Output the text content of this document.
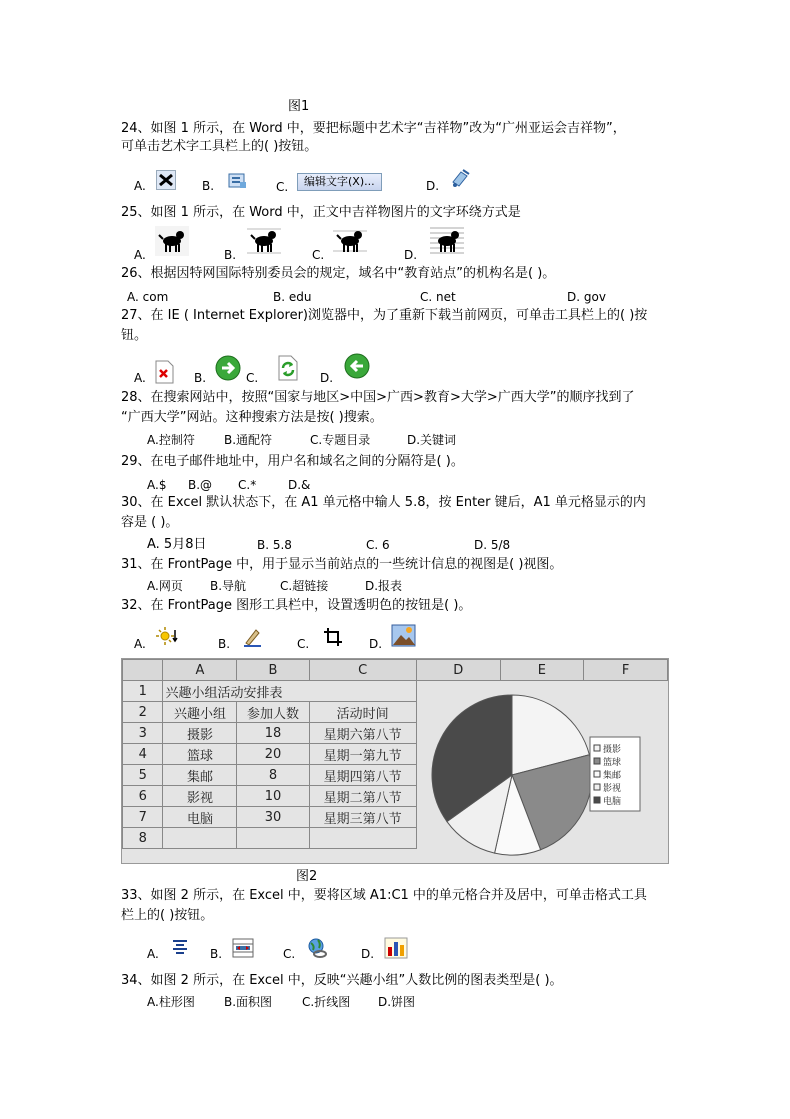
图1
24、如图 1 所示，在 Word 中，要把标题中艺术字“吉祥物”改为“广州亚运会吉祥物”，
可单击艺术字工具栏上的( )按钮。
A.	B.	C.	编辑文字(X)...	D.
25、如图 1 所示，在 Word 中，正文中吉祥物图片的文字环绕方式是
A.	B.	C.	D.
26、根据因特网国际特别委员会的规定，域名中“教育站点”的机构名是( )。
A. com	B. edu	C. net	D. gov
27、在 IE ( Internet Explorer)浏览器中，为了重新下载当前网页，可单击工具栏上的( )按
钮。
A.	B.	C.	D.
28、在搜索网站中，按照“国家与地区>中国>广西>教育>大学>广西大学”的顺序找到了
“广西大学”网站。这种搜索方法是按( )搜索。
A.控制符 B.通配符	C.专题目录	D.关键词
29、在电子邮件地址中，用户名和域名之间的分隔符是( )。
A.$ B.@ C.*	D.&
30、在 Excel 默认状态下，在 A1 单元格中输人 5.8，按 Enter 键后，A1 单元格显示的内
容是 ( )。
A. 5月8日	B. 5.8	C. 6	D. 5/8
31、在 FrontPage 中，用于显示当前站点的一些统计信息的视图是( )视图。
A.网页 B.导航	C.超链接	D.报表
32、在 FrontPage 图形工具栏中，设置透明色的按钮是( )。
A.	B.	C.	D.
	A	B	C	D	E	F
1	兴趣小组活动安排表					
2	兴趣小组	参加人数	活动时间			
3	摄影	18	星期六第八节			
4	篮球	20	星期一第九节			
5	集邮	8	星期四第八节			
6	影视	10	星期二第八节			
7	电脑	30	星期三第八节			
8						
摄影
篮球
集邮
影视
电脑
图2
33、如图 2 所示，在 Excel 中，要将区域 A1:C1 中的单元格合并及居中，可单击格式工具
栏上的( )按钮。
A.	B.	C.	D.
34、如图 2 所示，在 Excel 中，反映“兴趣小组”人数比例的图表类型是( )。
A.柱形图 B.面积图 C.折线图 D.饼图
